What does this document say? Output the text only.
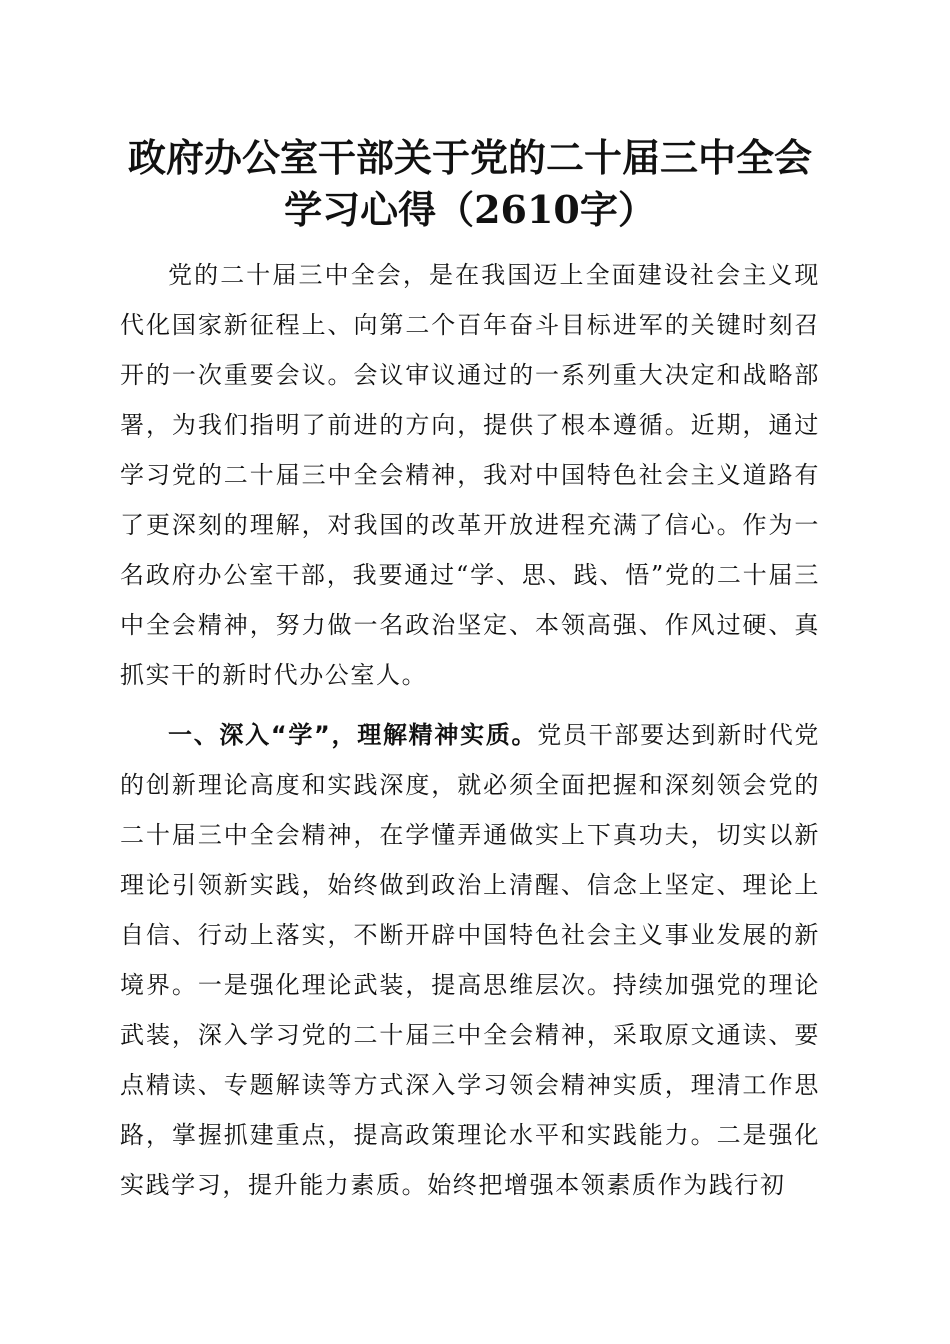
政府办公室干部关于党的二十届三中全会学习心得（2610字）

党的二十届三中全会，是在我国迈上全面建设社会主义现代化国家新征程上、向第二个百年奋斗目标进军的关键时刻召开的一次重要会议。会议审议通过的一系列重大决定和战略部署，为我们指明了前进的方向，提供了根本遵循。近期，通过学习党的二十届三中全会精神，我对中国特色社会主义道路有了更深刻的理解，对我国的改革开放进程充满了信心。作为一名政府办公室干部，我要通过“学、思、践、悟”党的二十届三中全会精神，努力做一名政治坚定、本领高强、作风过硬、真抓实干的新时代办公室人。

一、深入“学”，理解精神实质。党员干部要达到新时代党的创新理论高度和实践深度，就必须全面把握和深刻领会党的二十届三中全会精神，在学懂弄通做实上下真功夫，切实以新理论引领新实践，始终做到政治上清醒、信念上坚定、理论上自信、行动上落实，不断开辟中国特色社会主义事业发展的新境界。一是强化理论武装，提高思维层次。持续加强党的理论武装，深入学习党的二十届三中全会精神，采取原文通读、要点精读、专题解读等方式深入学习领会精神实质，理清工作思路，掌握抓建重点，提高政策理论水平和实践能力。二是强化实践学习，提升能力素质。始终把增强本领素质作为践行初
